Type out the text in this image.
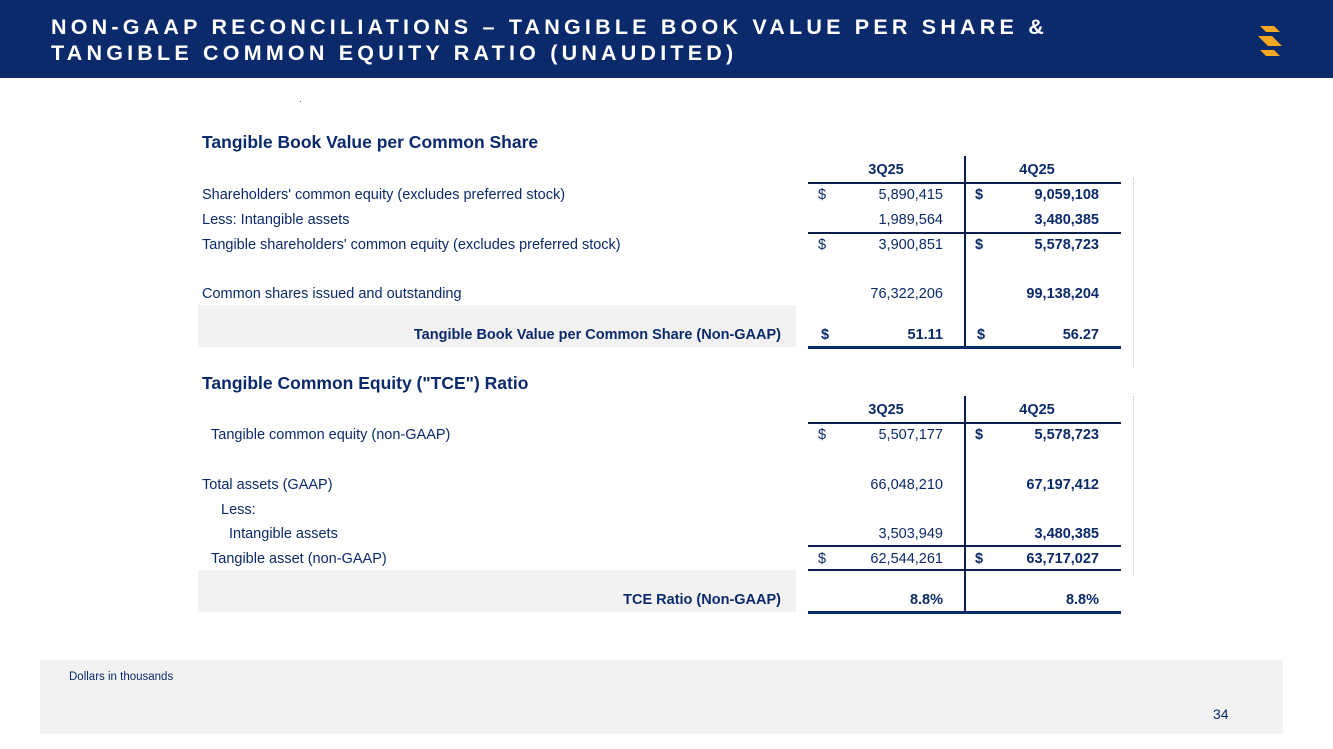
NON-GAAP RECONCILIATIONS – TANGIBLE BOOK VALUE PER SHARE &
TANGIBLE COMMON EQUITY RATIO (UNAUDITED)
Tangible Book Value per Common Share
3Q25	4Q25
Shareholders' common equity (excludes preferred stock)	$	5,890,415 $	9,059,108
Less: Intangible assets	1,989,564	3,480,385
Tangible shareholders' common equity (excludes preferred stock)	$	3,900,851 $	5,578,723
Common shares issued and outstanding	76,322,206	99,138,204
Tangible Book Value per Common Share (Non-GAAP)	$	51.11 $	56.27
Tangible Common Equity ("TCE") Ratio
3Q25	4Q25
Tangible common equity (non-GAAP)	$	5,507,177 $	5,578,723
Total assets (GAAP)	66,048,210	67,197,412
Less:
Intangible assets	3,503,949	3,480,385
Tangible asset (non-GAAP)	$	62,544,261 $	63,717,027
TCE Ratio (Non-GAAP)	8.8%	8.8%
Dollars in thousands
34
